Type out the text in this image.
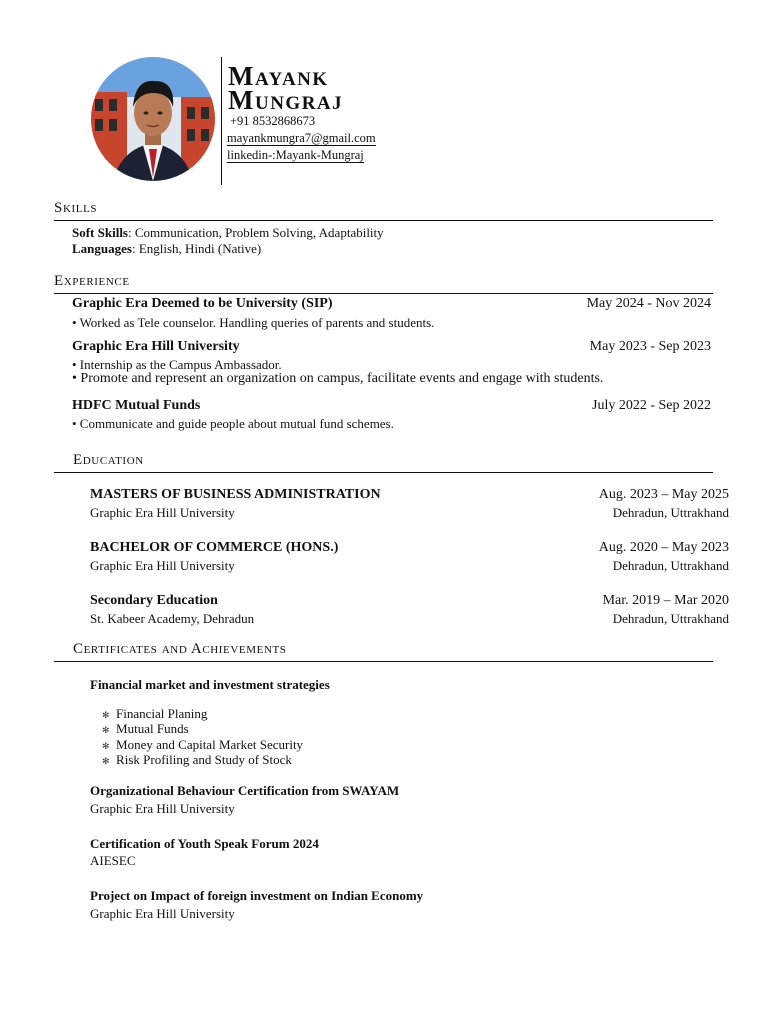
Mayank
Mungraj
+91 8532868673
mayankmungra7@gmail.com
linkedin-:Mayank-Mungraj
Skills
Soft Skills: Communication, Problem Solving, Adaptability
Languages: English, Hindi (Native)
Experience
Graphic Era Deemed to be University (SIP)	May 2024 - Nov 2024
• Worked as Tele counselor. Handling queries of parents and students.
Graphic Era Hill University	May 2023 - Sep 2023
• Internship as the Campus Ambassador.
• Promote and represent an organization on campus, facilitate events and engage with students.
HDFC Mutual Funds	July 2022 - Sep 2022
• Communicate and guide people about mutual fund schemes.
Education
MASTERS OF BUSINESS ADMINISTRATION	Aug. 2023 – May 2025
Graphic Era Hill University	Dehradun, Uttrakhand
BACHELOR OF COMMERCE (HONS.)	Aug. 2020 – May 2023
Graphic Era Hill University	Dehradun, Uttrakhand
Secondary Education	Mar. 2019 – Mar 2020
St. Kabeer Academy, Dehradun	Dehradun, Uttrakhand
Certificates and Achievements
Financial market and investment strategies
✻ Financial Planing
✻ Mutual Funds
✻ Money and Capital Market Security
✻ Risk Profiling and Study of Stock
Organizational Behaviour Certification from SWAYAM
Graphic Era Hill University
Certification of Youth Speak Forum 2024
AIESEC
Project on Impact of foreign investment on Indian Economy
Graphic Era Hill University
